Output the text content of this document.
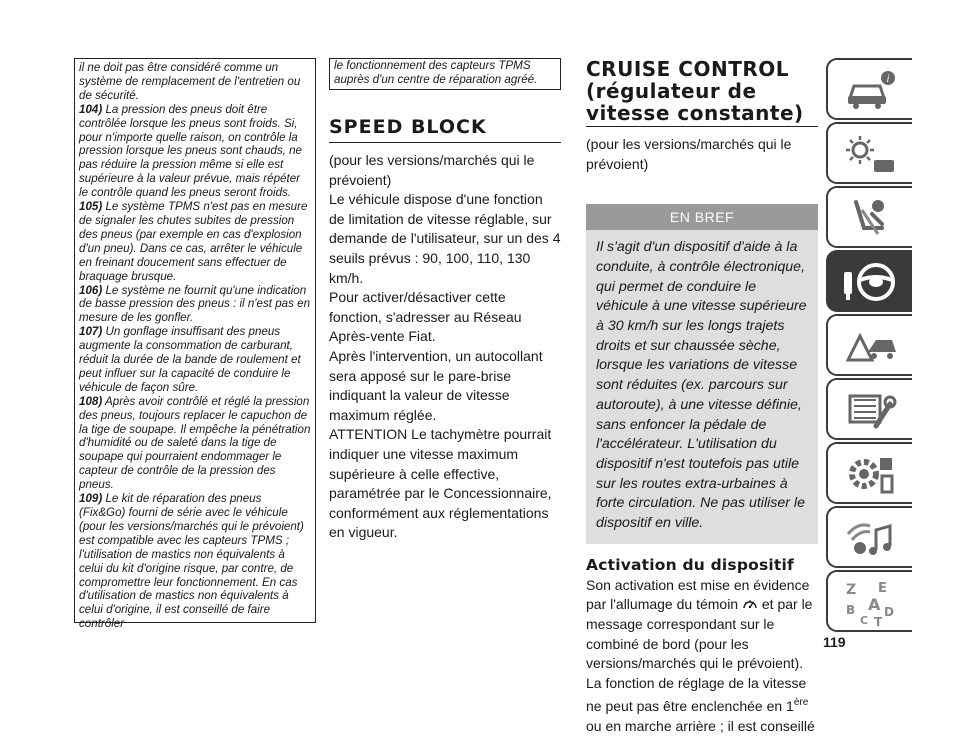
il ne doit pas être considéré comme un système de remplacement de l'entretien ou de sécurité.

104) La pression des pneus doit être contrôlée lorsque les pneus sont froids. Si, pour n'importe quelle raison, on contrôle la pression lorsque les pneus sont chauds, ne pas réduire la pression même si elle est supérieure à la valeur prévue, mais répéter le contrôle quand les pneus seront froids.

105) Le système TPMS n'est pas en mesure de signaler les chutes subites de pression des pneus (par exemple en cas d'explosion d'un pneu). Dans ce cas, arrêter le véhicule en freinant doucement sans effectuer de braquage brusque.

106) Le système ne fournit qu'une indication de basse pression des pneus : il n'est pas en mesure de les gonfler.

107) Un gonflage insuffisant des pneus augmente la consommation de carburant, réduit la durée de la bande de roulement et peut influer sur la capacité de conduire le véhicule de façon sûre.

108) Après avoir contrôlé et réglé la pression des pneus, toujours replacer le capuchon de la tige de soupape. Il empêche la pénétration d'humidité ou de saleté dans la tige de soupape qui pourraient endommager le capteur de contrôle de la pression des pneus.

109) Le kit de réparation des pneus (Fix&Go) fourni de série avec le véhicule (pour les versions/marchés qui le prévoient) est compatible avec les capteurs TPMS ; l'utilisation de mastics non équivalents à celui du kit d'origine risque, par contre, de compromettre leur fonctionnement. En cas d'utilisation de mastics non équivalents à celui d'origine, il est conseillé de faire contrôler

le fonctionnement des capteurs TPMS auprès d'un centre de réparation agréé.

SPEED BLOCK

(pour les versions/marchés qui le prévoient)

Le véhicule dispose d'une fonction de limitation de vitesse réglable, sur demande de l'utilisateur, sur un des 4 seuils prévus : 90, 100, 110, 130 km/h.

Pour activer/désactiver cette fonction, s'adresser au Réseau Après-vente Fiat.

Après l'intervention, un autocollant sera apposé sur le pare-brise indiquant la valeur de vitesse maximum réglée.

ATTENTION Le tachymètre pourrait indiquer une vitesse maximum supérieure à celle effective, paramétrée par le Concessionnaire, conformément aux réglementations en vigueur.

CRUISE CONTROL (régulateur de vitesse constante)

(pour les versions/marchés qui le prévoient)

EN BREF
Il s'agit d'un dispositif d'aide à la conduite, à contrôle électronique, qui permet de conduire le véhicule à une vitesse supérieure à 30 km/h sur les longs trajets droits et sur chaussée sèche, lorsque les variations de vitesse sont réduites (ex. parcours sur autoroute), à une vitesse définie, sans enfoncer la pédale de l'accélérateur. L'utilisation du dispositif n'est toutefois pas utile sur les routes extra-urbaines à forte circulation. Ne pas utiliser le dispositif en ville.
Activation du dispositif

Son activation est mise en évidence par l'allumage du témoin et par le message correspondant sur le combiné de bord (pour les versions/marchés qui le prévoient).

La fonction de réglage de la vitesse ne peut pas être enclenchée en 1ère ou en marche arrière ; il est conseillé

119
i
Z E
B A
C
D
T
